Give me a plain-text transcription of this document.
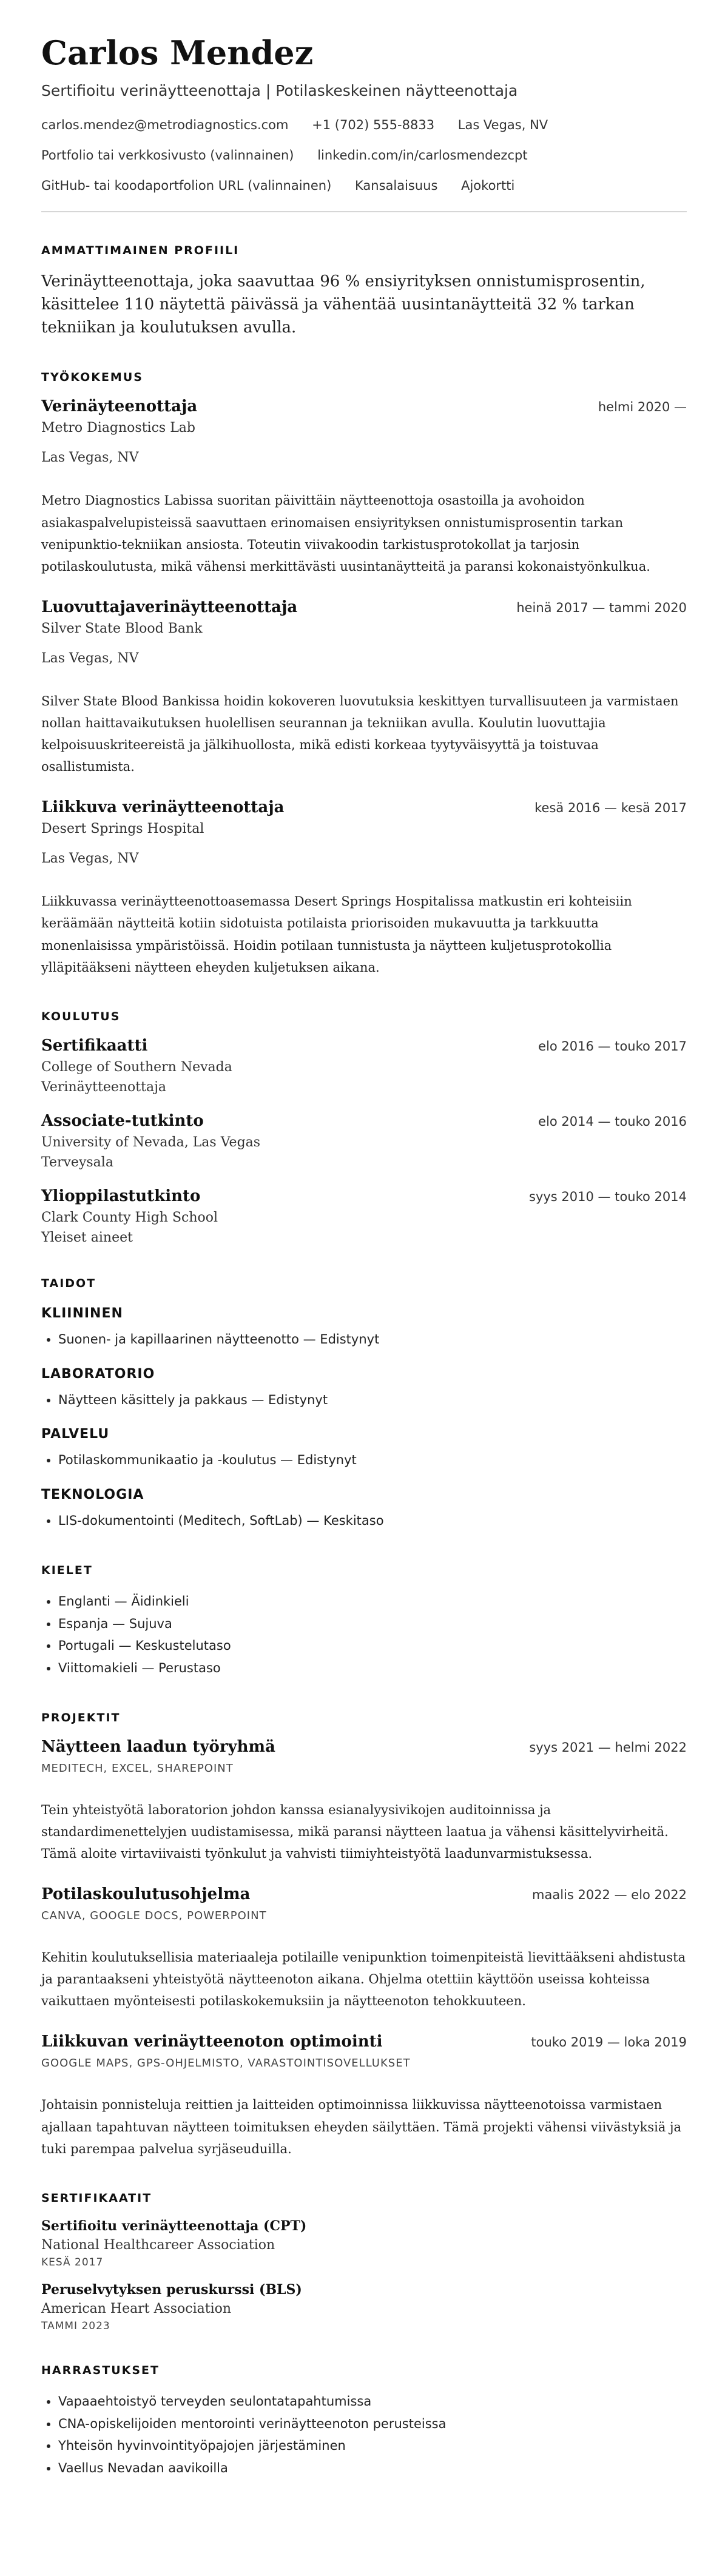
Carlos Mendez
Sertifioitu verinäytteenottaja | Potilaskeskeinen näytteenottaja
carlos.mendez@metrodiagnostics.com +1 (702) 555-8833 Las Vegas, NV
Portfolio tai verkkosivusto (valinnainen) linkedin.com/in/carlosmendezcpt
GitHub- tai koodaportfolion URL (valinnainen) Kansalaisuus Ajokortti
AMMATTIMAINEN PROFIILI
Verinäytteenottaja, joka saavuttaa 96 % ensiyrityksen onnistumisprosentin, käsittelee 110 näytettä päivässä ja vähentää uusintanäytteitä 32 % tarkan tekniikan ja koulutuksen avulla.
TYÖKOKEMUS
Verinäyteenottaja	helmi 2020 —
Metro Diagnostics Lab
Las Vegas, NV
Metro Diagnostics Labissa suoritan päivittäin näytteenottoja osastoilla ja avohoidon asiakaspalvelupisteissä saavuttaen erinomaisen ensiyrityksen onnistumisprosentin tarkan venipunktio-tekniikan ansiosta. Toteutin viivakoodin tarkistusprotokollat ja tarjosin potilaskoulutusta, mikä vähensi merkittävästi uusintanäytteitä ja paransi kokonaistyönkulkua.
Luovuttajaverinäytteenottaja	heinä 2017 — tammi 2020
Silver State Blood Bank
Las Vegas, NV
Silver State Blood Bankissa hoidin kokoveren luovutuksia keskittyen turvallisuuteen ja varmistaen nollan haittavaikutuksen huolellisen seurannan ja tekniikan avulla. Koulutin luovuttajia kelpoisuuskriteereistä ja jälkihuollosta, mikä edisti korkeaa tyytyväisyyttä ja toistuvaa osallistumista.
Liikkuva verinäytteenottaja	kesä 2016 — kesä 2017
Desert Springs Hospital
Las Vegas, NV
Liikkuvassa verinäytteenottoasemassa Desert Springs Hospitalissa matkustin eri kohteisiin keräämään näytteitä kotiin sidotuista potilaista priorisoiden mukavuutta ja tarkkuutta monenlaisissa ympäristöissä. Hoidin potilaan tunnistusta ja näytteen kuljetusprotokollia ylläpitääkseni näytteen eheyden kuljetuksen aikana.
KOULUTUS
Sertifikaatti	elo 2016 — touko 2017
College of Southern Nevada
Verinäytteenottaja
Associate-tutkinto	elo 2014 — touko 2016
University of Nevada, Las Vegas
Terveysala
Ylioppilastutkinto	syys 2010 — touko 2014
Clark County High School
Yleiset aineet
TAIDOT
KLIININEN
• Suonen- ja kapillaarinen näytteenotto — Edistynyt
LABORATORIO
• Näytteen käsittely ja pakkaus — Edistynyt
PALVELU
• Potilaskommunikaatio ja -koulutus — Edistynyt
TEKNOLOGIA
• LIS-dokumentointi (Meditech, SoftLab) — Keskitaso
KIELET
• Englanti — Äidinkieli
• Espanja — Sujuva
• Portugali — Keskustelutaso
• Viittomakieli — Perustaso
PROJEKTIT
Näytteen laadun työryhmä	syys 2021 — helmi 2022
MEDITECH, EXCEL, SHAREPOINT
Tein yhteistyötä laboratorion johdon kanssa esianalyysivikojen auditoinnissa ja standardimenettelyjen uudistamisessa, mikä paransi näytteen laatua ja vähensi käsittelyvirheitä. Tämä aloite virtaviivaisti työnkulut ja vahvisti tiimiyhteistyötä laadunvarmistuksessa.
Potilaskoulutusohjelma	maalis 2022 — elo 2022
CANVA, GOOGLE DOCS, POWERPOINT
Kehitin koulutuksellisia materiaaleja potilaille venipunktion toimenpiteistä lievittääkseni ahdistusta ja parantaakseni yhteistyötä näytteenoton aikana. Ohjelma otettiin käyttöön useissa kohteissa vaikuttaen myönteisesti potilaskokemuksiin ja näytteenoton tehokkuuteen.
Liikkuvan verinäytteenoton optimointi	touko 2019 — loka 2019
GOOGLE MAPS, GPS-OHJELMISTO, VARASTOINTISOVELLUKSET
Johtaisin ponnisteluja reittien ja laitteiden optimoinnissa liikkuvissa näytteenotoissa varmistaen ajallaan tapahtuvan näytteen toimituksen eheyden säilyttäen. Tämä projekti vähensi viivästyksiä ja tuki parempaa palvelua syrjäseuduilla.
SERTIFIKAATIT
Sertifioitu verinäytteenottaja (CPT)
National Healthcareer Association
KESÄ 2017
Peruselvytyksen peruskurssi (BLS)
American Heart Association
TAMMI 2023
HARRASTUKSET
• Vapaaehtoistyö terveyden seulontatapahtumissa
• CNA-opiskelijoiden mentorointi verinäytteenoton perusteissa
• Yhteisön hyvinvointityöpajojen järjestäminen
• Vaellus Nevadan aavikoilla
